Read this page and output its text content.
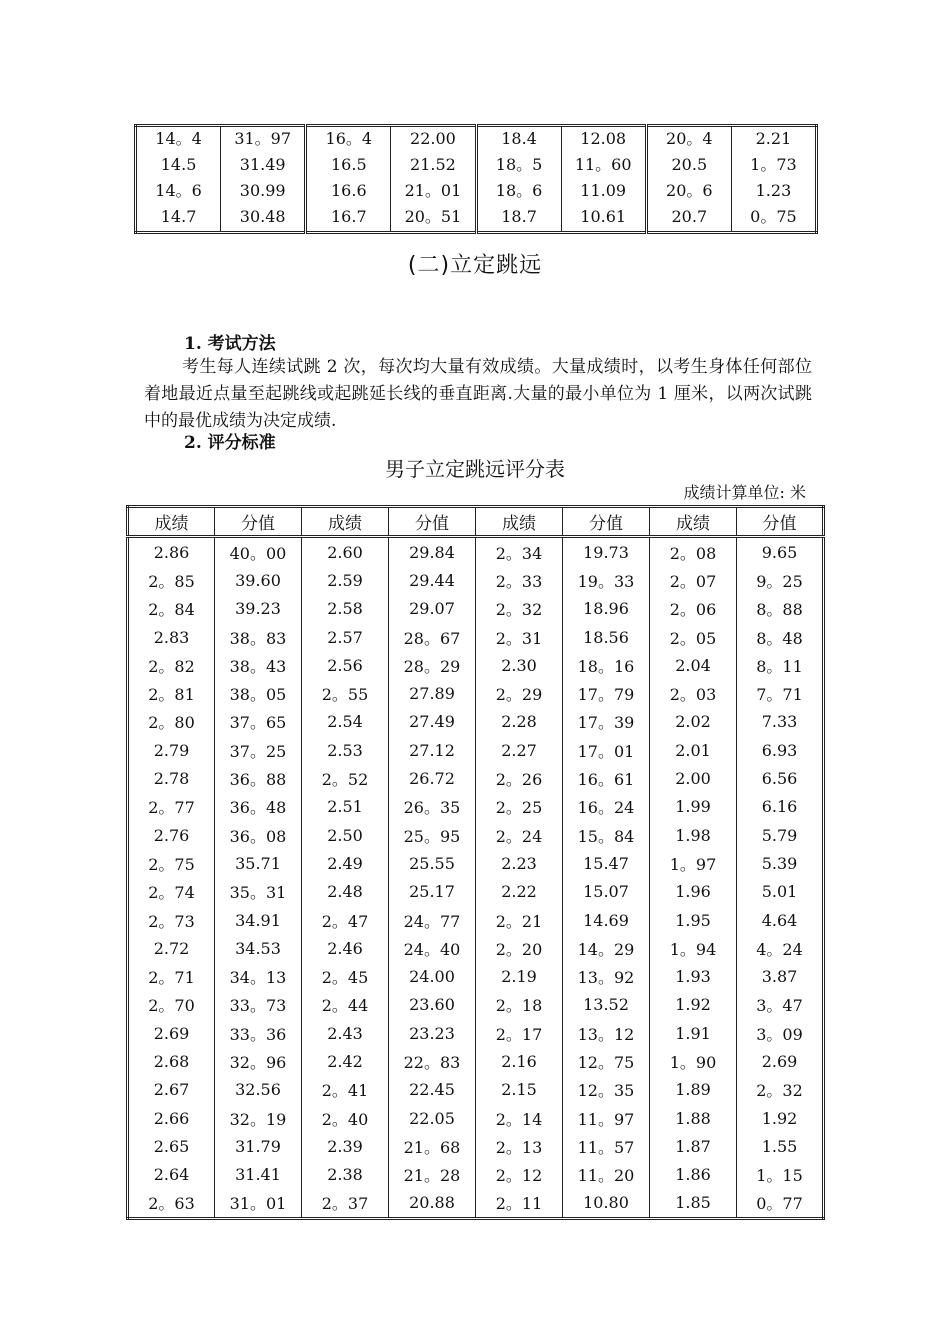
14。4	31。97	16。4	22.00	18.4	12.08	20。4	2.21
14.5	31.49	16.5	21.52	18。5	11。60	20.5	1。73
14。6	30.99	16.6	21。01	18。6	11.09	20。6	1.23
14.7	30.48	16.7	20。51	18.7	10.61	20.7	0。75
(二)立定跳远
1. 考试方法
考生每人连续试跳 2 次，每次均大量有效成绩。大量成绩时，以考生身体任何部位着地最近点量至起跳线或起跳延长线的垂直距离.大量的最小单位为 1 厘米，以两次试跳中的最优成绩为决定成绩.
2. 评分标准
男子立定跳远评分表
成绩计算单位: 米
成绩	分值	成绩	分值	成绩	分值	成绩	分值
2.86	40。00	2.60	29.84	2。34	19.73	2。08	9.65
2。85	39.60	2.59	29.44	2。33	19。33	2。07	9。25
2。84	39.23	2.58	29.07	2。32	18.96	2。06	8。88
2.83	38。83	2.57	28。67	2。31	18.56	2。05	8。48
2。82	38。43	2.56	28。29	2.30	18。16	2.04	8。11
2。81	38。05	2。55	27.89	2。29	17。79	2。03	7。71
2。80	37。65	2.54	27.49	2.28	17。39	2.02	7.33
2.79	37。25	2.53	27.12	2.27	17。01	2.01	6.93
2.78	36。88	2。52	26.72	2。26	16。61	2.00	6.56
2。77	36。48	2.51	26。35	2。25	16。24	1.99	6.16
2.76	36。08	2.50	25。95	2。24	15。84	1.98	5.79
2。75	35.71	2.49	25.55	2.23	15.47	1。97	5.39
2。74	35。31	2.48	25.17	2.22	15.07	1.96	5.01
2。73	34.91	2。47	24。77	2。21	14.69	1.95	4.64
2.72	34.53	2.46	24。40	2。20	14。29	1。94	4。24
2。71	34。13	2。45	24.00	2.19	13。92	1.93	3.87
2。70	33。73	2。44	23.60	2。18	13.52	1.92	3。47
2.69	33。36	2.43	23.23	2。17	13。12	1.91	3。09
2.68	32。96	2.42	22。83	2.16	12。75	1。90	2.69
2.67	32.56	2。41	22.45	2.15	12。35	1.89	2。32
2.66	32。19	2。40	22.05	2。14	11。97	1.88	1.92
2.65	31.79	2.39	21。68	2。13	11。57	1.87	1.55
2.64	31.41	2.38	21。28	2。12	11。20	1.86	1。15
2。63	31。01	2。37	20.88	2。11	10.80	1.85	0。77
